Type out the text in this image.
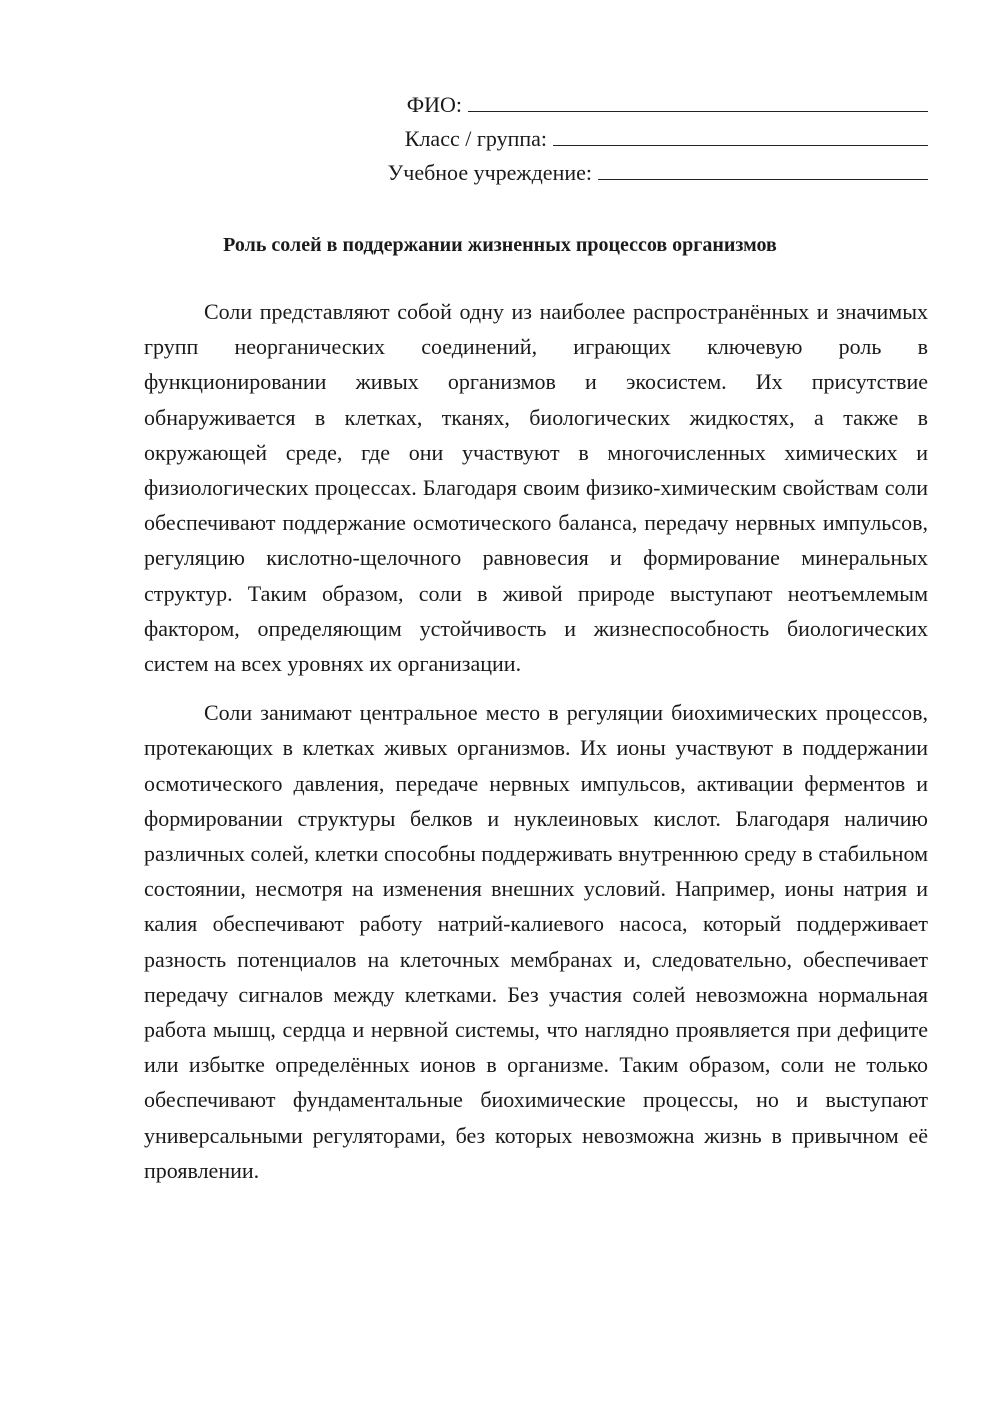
ФИО:
Класс / группа:
Учебное учреждение:
Роль солей в поддержании жизненных процессов организмов

Соли представляют собой одну из наиболее распространённых и значимых групп неорганических соединений, играющих ключевую роль в функционировании живых организмов и экосистем. Их присутствие обнаруживается в клетках, тканях, биологических жидкостях, а также в окружающей среде, где они участвуют в многочисленных химических и физиологических процессах. Благодаря своим физико-химическим свойствам соли обеспечивают поддержание осмотического баланса, передачу нервных импульсов, регуляцию кислотно-щелочного равновесия и формирование минеральных структур. Таким образом, соли в живой природе выступают неотъемлемым фактором, определяющим устойчивость и жизнеспособность биологических систем на всех уровнях их организации.

Соли занимают центральное место в регуляции биохимических процессов, протекающих в клетках живых организмов. Их ионы участвуют в поддержании осмотического давления, передаче нервных импульсов, активации ферментов и формировании структуры белков и нуклеиновых кислот. Благодаря наличию различных солей, клетки способны поддерживать внутреннюю среду в стабильном состоянии, несмотря на изменения внешних условий. Например, ионы натрия и калия обеспечивают работу натрий-калиевого насоса, который поддерживает разность потенциалов на клеточных мембранах и, следовательно, обеспечивает передачу сигналов между клетками. Без участия солей невозможна нормальная работа мышц, сердца и нервной системы, что наглядно проявляется при дефиците или избытке определённых ионов в организме. Таким образом, соли не только обеспечивают фундаментальные биохимические процессы, но и выступают универсальными регуляторами, без которых невозможна жизнь в привычном её проявлении.
